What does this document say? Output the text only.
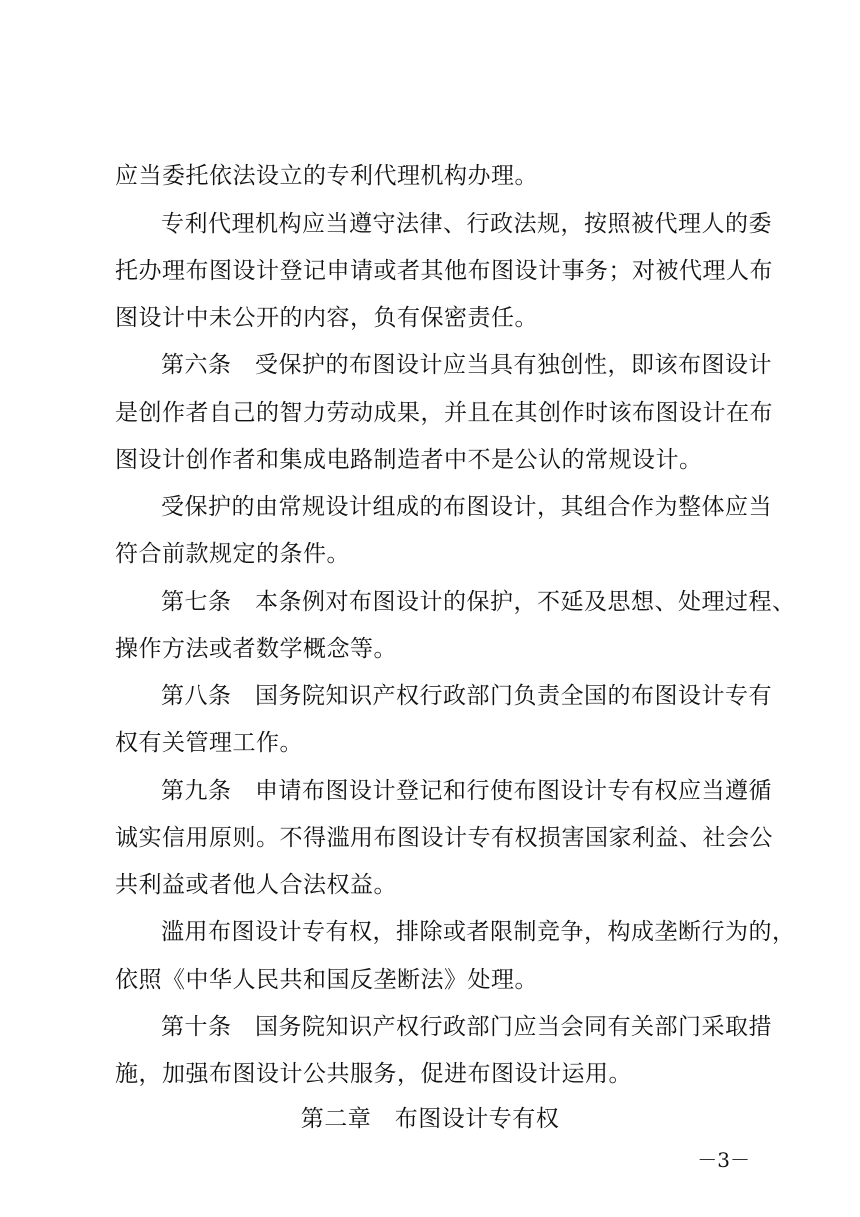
应当委托依法设立的专利代理机构办理。
专利代理机构应当遵守法律、行政法规，按照被代理人的委
托办理布图设计登记申请或者其他布图设计事务；对被代理人布
图设计中未公开的内容，负有保密责任。
第六条　受保护的布图设计应当具有独创性，即该布图设计
是创作者自己的智力劳动成果，并且在其创作时该布图设计在布
图设计创作者和集成电路制造者中不是公认的常规设计。
受保护的由常规设计组成的布图设计，其组合作为整体应当
符合前款规定的条件。
第七条　本条例对布图设计的保护，不延及思想、处理过程、
操作方法或者数学概念等。
第八条　国务院知识产权行政部门负责全国的布图设计专有
权有关管理工作。
第九条　申请布图设计登记和行使布图设计专有权应当遵循
诚实信用原则。不得滥用布图设计专有权损害国家利益、社会公
共利益或者他人合法权益。
滥用布图设计专有权，排除或者限制竞争，构成垄断行为的，
依照《中华人民共和国反垄断法》处理。
第十条　国务院知识产权行政部门应当会同有关部门采取措
施，加强布图设计公共服务，促进布图设计运用。
第二章　布图设计专有权
－3－
